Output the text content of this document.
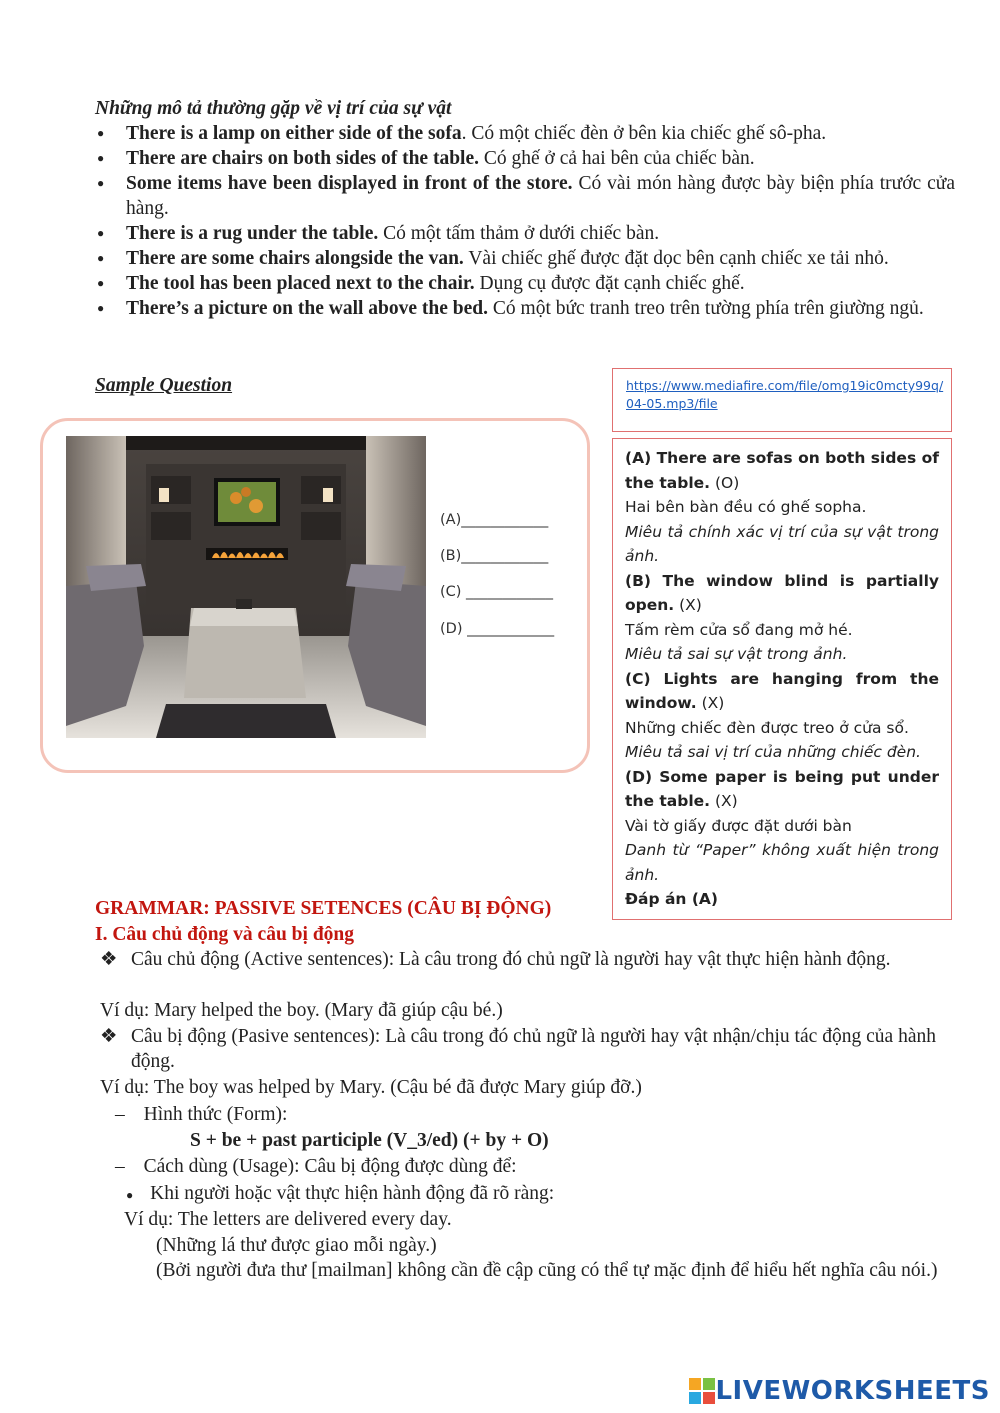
Những mô tả thường gặp về vị trí của sự vật
● There is a lamp on either side of the sofa. Có một chiếc đèn ở bên kia chiếc ghế sô-pha.
● There are chairs on both sides of the table. Có ghế ở cả hai bên của chiếc bàn.
● Some items have been displayed in front of the store. Có vài món hàng được bày biện phía trước cửa hàng.
● There is a rug under the table. Có một tấm thảm ở dưới chiếc bàn.
● There are some chairs alongside the van. Vài chiếc ghế được đặt dọc bên cạnh chiếc xe tải nhỏ.
● The tool has been placed next to the chair. Dụng cụ được đặt cạnh chiếc ghế.
● There’s a picture on the wall above the bed. Có một bức tranh treo trên tường phía trên giường ngủ.
Sample Question	https://www.mediafire.com/file/omg19ic0mcty99q/04-05.mp3/file
(A)____________
(B)____________
(C) ____________
(D) ____________

(A) There are sofas on both sides of the table. (O)

Hai bên bàn đều có ghế sopha.

Miêu tả chính xác vị trí của sự vật trong ảnh.

(B) The window blind is partially open. (X)

Tấm rèm cửa sổ đang mở hé.

Miêu tả sai sự vật trong ảnh.

(C) Lights are hanging from the window. (X)

Những chiếc đèn được treo ở cửa sổ.

Miêu tả sai vị trí của những chiếc đèn.

(D) Some paper is being put under the table. (X)

Vài tờ giấy được đặt dưới bàn

Danh từ “Paper” không xuất hiện trong ảnh.

Đáp án (A)

GRAMMAR: PASSIVE SETENCES (CÂU BỊ ĐỘNG)
I. Câu chủ động và câu bị động
❖ Câu chủ động (Active sentences): Là câu trong đó chủ ngữ là người hay vật thực hiện hành động.
Ví dụ: Mary helped the boy. (Mary đã giúp cậu bé.)
❖ Câu bị động (Pasive sentences): Là câu trong đó chủ ngữ là người hay vật nhận/chịu tác động của hành động.
Ví dụ: The boy was helped by Mary. (Cậu bé đã được Mary giúp đỡ.)
– Hình thức (Form):
S + be + past participle (V_3/ed) (+ by + O)
– Cách dùng (Usage): Câu bị động được dùng để:
● Khi người hoặc vật thực hiện hành động đã rõ ràng:
Ví dụ: The letters are delivered every day.
(Những lá thư được giao mỗi ngày.)
(Bởi người đưa thư [mailman] không cần đề cập cũng có thể tự mặc định để hiểu hết nghĩa câu nói.)
LIVEWORKSHEETS
